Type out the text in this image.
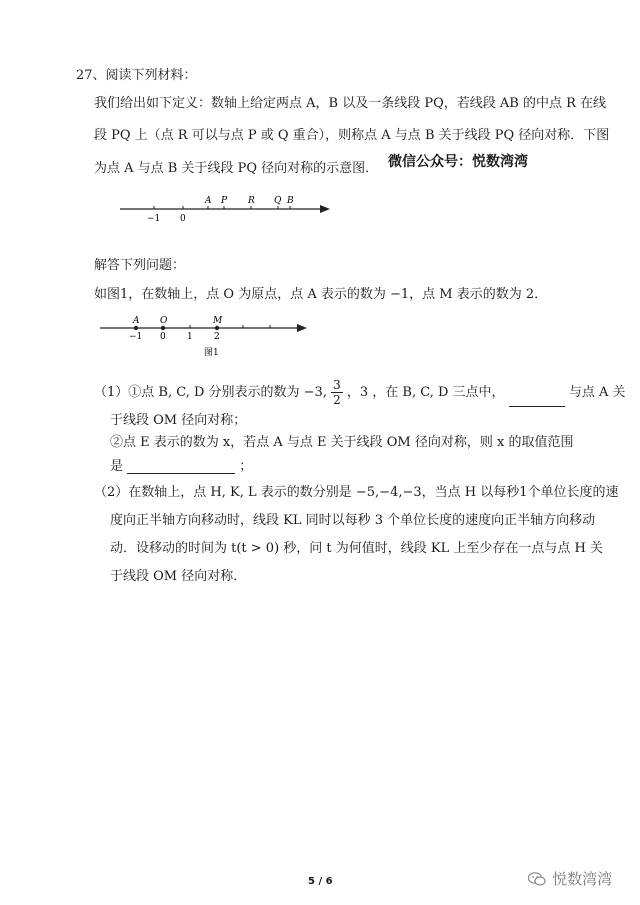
27、阅读下列材料：
我们给出如下定义：数轴上给定两点 A，B 以及一条线段 PQ，若线段 AB 的中点 R 在线
段 PQ 上（点 R 可以与点 P 或 Q 重合），则称点 A 与点 B 关于线段 PQ 径向对称．下图
为点 A 与点 B 关于线段 PQ 径向对称的示意图． 微信公众号：悦数湾湾
A P R Q B
−1 0
解答下列问题：
如图1，在数轴上，点 O 为原点，点 A 表示的数为 −1，点 M 表示的数为 2．
A O	M
−1 0 1 2
图1
（1）①点 B, C, D 分别表示的数为 −3, $\frac{3}{2}$ ，3 ，在 B, C, D 三点中，	与点 A 关
于线段 OM 径向对称；
②点 E 表示的数为 x，若点 A 与点 E 关于线段 OM 径向对称，则 x 的取值范围
是	；
（2）在数轴上，点 H, K, L 表示的数分别是 −5,−4,−3，当点 H 以每秒1个单位长度的速
度向正半轴方向移动时，线段 KL 同时以每秒 3 个单位长度的速度向正半轴方向移动
动．设移动的时间为 t(t > 0) 秒，问 t 为何值时，线段 KL 上至少存在一点与点 H 关
于线段 OM 径向对称．
5 / 6	悦数湾湾
